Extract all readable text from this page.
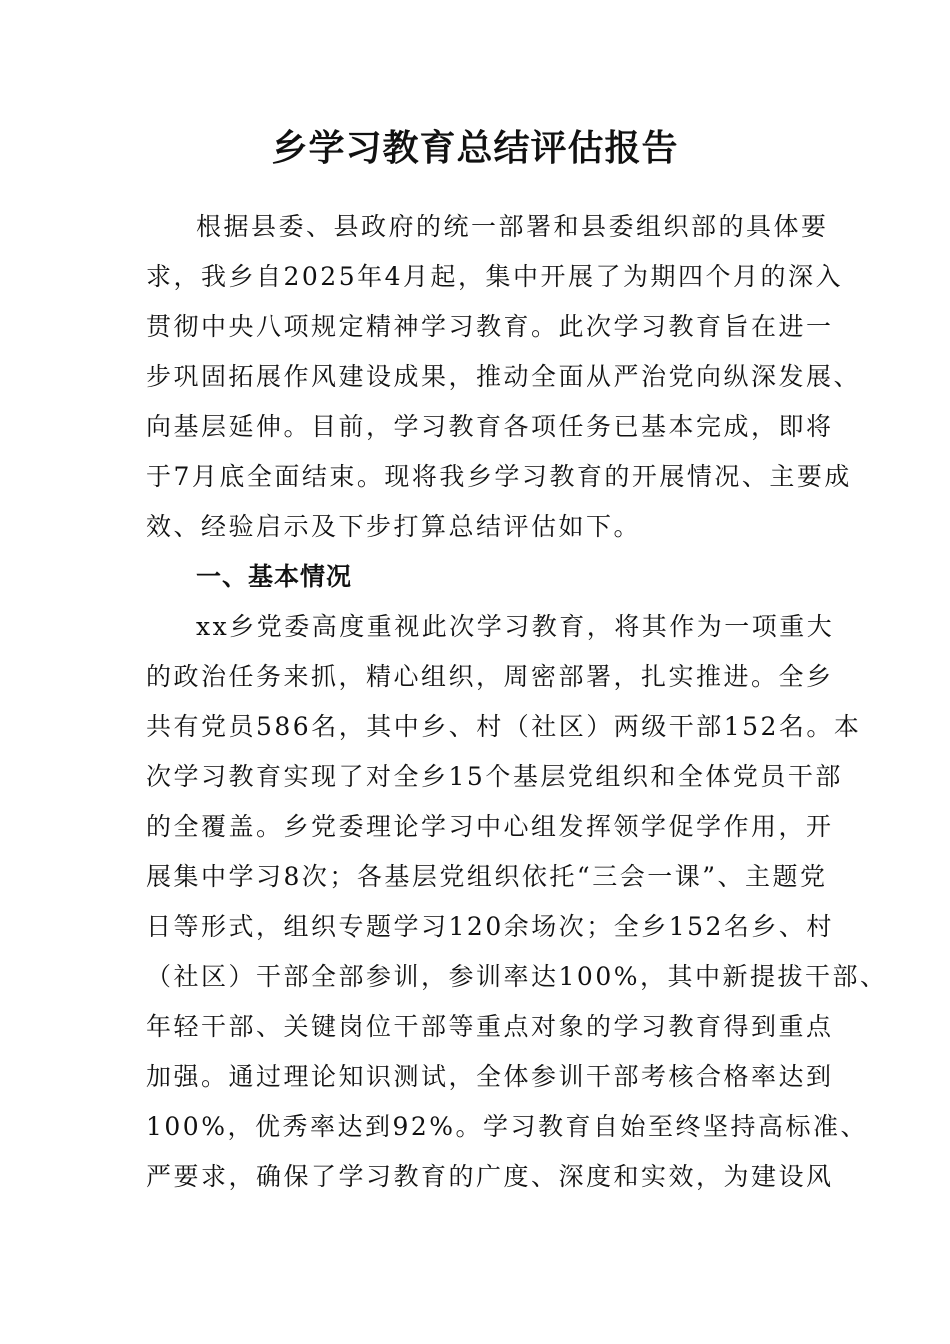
乡学习教育总结评估报告
根据县委、县政府的统一部署和县委组织部的具体要
求，我乡自2025年4月起，集中开展了为期四个月的深入
贯彻中央八项规定精神学习教育。此次学习教育旨在进一
步巩固拓展作风建设成果，推动全面从严治党向纵深发展、
向基层延伸。目前，学习教育各项任务已基本完成，即将
于7月底全面结束。现将我乡学习教育的开展情况、主要成
效、经验启示及下步打算总结评估如下。
一、基本情况
xx乡党委高度重视此次学习教育，将其作为一项重大
的政治任务来抓，精心组织，周密部署，扎实推进。全乡
共有党员586名，其中乡、村（社区）两级干部152名。本
次学习教育实现了对全乡15个基层党组织和全体党员干部
的全覆盖。乡党委理论学习中心组发挥领学促学作用，开
展集中学习8次；各基层党组织依托“三会一课”、主题党
日等形式，组织专题学习120余场次；全乡152名乡、村
（社区）干部全部参训，参训率达100%，其中新提拔干部、
年轻干部、关键岗位干部等重点对象的学习教育得到重点
加强。通过理论知识测试，全体参训干部考核合格率达到
100%，优秀率达到92%。学习教育自始至终坚持高标准、
严要求，确保了学习教育的广度、深度和实效，为建设风
